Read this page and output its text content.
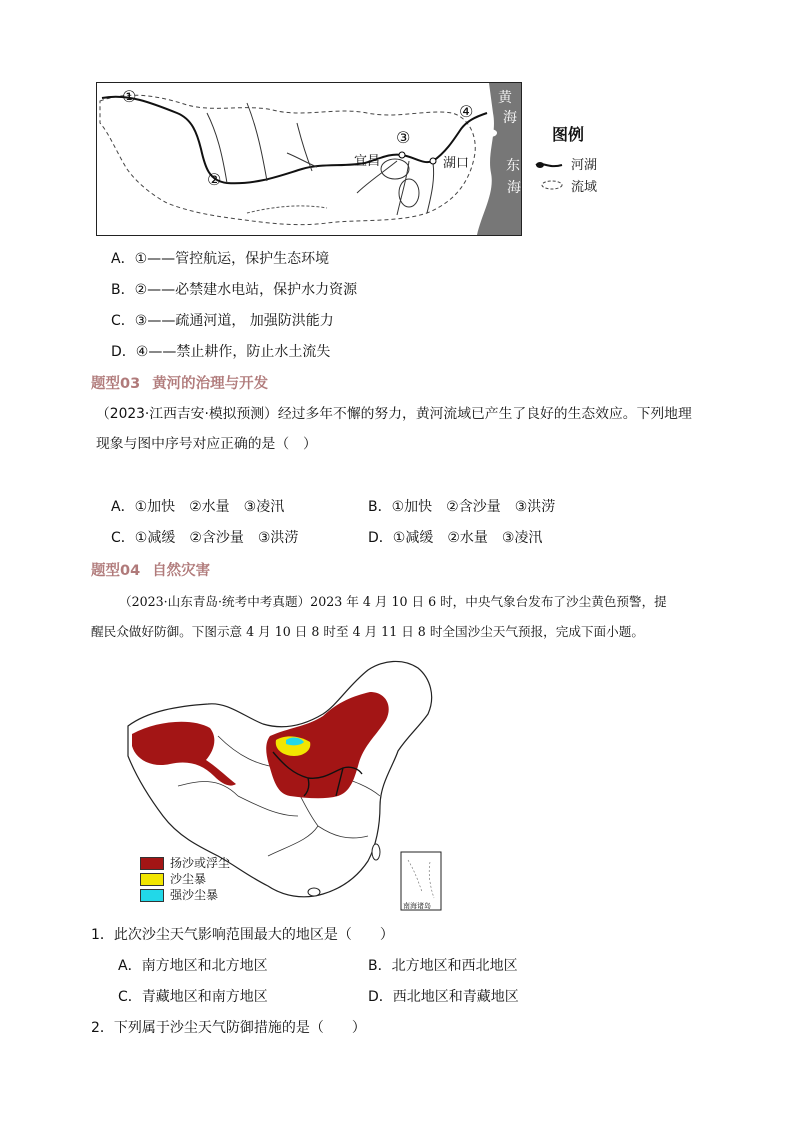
①
②
③
④
宜昌	湖口
黄
海
东
海
图例
河湖
流域
A．①——管控航运，保护生态环境
B．②——必禁建水电站，保护水力资源
C．③——疏通河道， 加强防洪能力
D．④——禁止耕作，防止水土流失
题型03 黄河的治理与开发
（2023·江西吉安·模拟预测）经过多年不懈的努力，黄河流域已产生了良好的生态效应。下列地理
现象与图中序号对应正确的是（　）
A．①加快　②水量　③凌汛	B．①加快　②含沙量　③洪涝
C．①减缓　②含沙量　③洪涝	D．①减缓　②水量　③凌汛
题型04 自然灾害
（2023·山东青岛·统考中考真题）2023 年 4 月 10 日 6 时，中央气象台发布了沙尘黄色预警，提
醒民众做好防御。下图示意 4 月 10 日 8 时至 4 月 11 日 8 时全国沙尘天气预报，完成下面小题。
南海诸岛
扬沙或浮尘
沙尘暴
强沙尘暴
1．此次沙尘天气影响范围最大的地区是（　　）
A．南方地区和北方地区	B．北方地区和西北地区
C．青藏地区和南方地区	D．西北地区和青藏地区
2．下列属于沙尘天气防御措施的是（　　）
